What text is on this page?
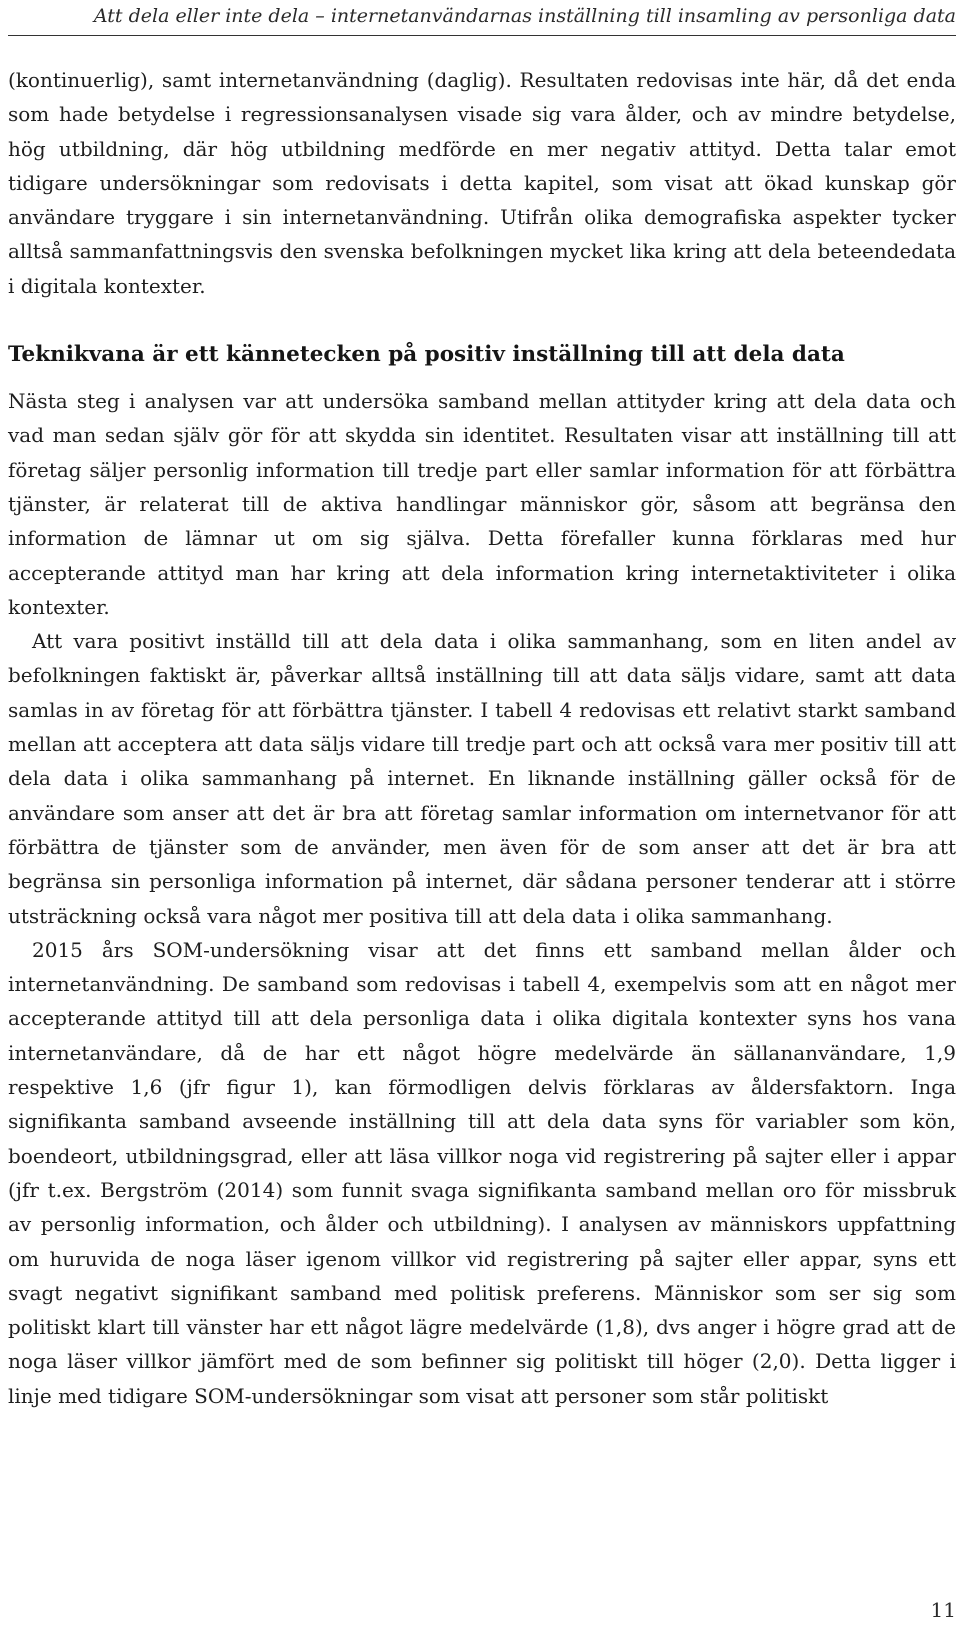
Att dela eller inte dela – internetanvändarnas inställning till insamling av personliga data

(kontinuerlig), samt internetanvändning (daglig). Resultaten redovisas inte här, då det enda som hade betydelse i regressionsanalysen visade sig vara ålder, och av mindre betydelse, hög utbildning, där hög utbildning medförde en mer negativ attityd. Detta talar emot tidigare undersökningar som redovisats i detta kapitel, som visat att ökad kunskap gör användare tryggare i sin internetanvändning. Utifrån olika demografiska aspekter tycker alltså sammanfattningsvis den svenska befolkningen mycket lika kring att dela beteendedata i digitala kontexter.

Teknikvana är ett kännetecken på positiv inställning till att dela data

Nästa steg i analysen var att undersöka samband mellan attityder kring att dela data och vad man sedan själv gör för att skydda sin identitet. Resultaten visar att inställning till att företag säljer personlig information till tredje part eller samlar information för att förbättra tjänster, är relaterat till de aktiva handlingar människor gör, såsom att begränsa den information de lämnar ut om sig själva. Detta förefaller kunna förklaras med hur accepterande attityd man har kring att dela information kring internetaktiviteter i olika kontexter.

Att vara positivt inställd till att dela data i olika sammanhang, som en liten andel av befolkningen faktiskt är, påverkar alltså inställning till att data säljs vidare, samt att data samlas in av företag för att förbättra tjänster. I tabell 4 redovisas ett relativt starkt samband mellan att acceptera att data säljs vidare till tredje part och att också vara mer positiv till att dela data i olika sammanhang på internet. En liknande inställning gäller också för de användare som anser att det är bra att företag samlar information om internetvanor för att förbättra de tjänster som de använder, men även för de som anser att det är bra att begränsa sin personliga information på internet, där sådana personer tenderar att i större utsträckning också vara något mer positiva till att dela data i olika sammanhang.

2015 års SOM-undersökning visar att det finns ett samband mellan ålder och internetanvändning. De samband som redovisas i tabell 4, exempelvis som att en något mer accepterande attityd till att dela personliga data i olika digitala kontexter syns hos vana internetanvändare, då de har ett något högre medelvärde än sällananvändare, 1,9 respektive 1,6 (jfr figur 1), kan förmodligen delvis förklaras av åldersfaktorn. Inga signifikanta samband avseende inställning till att dela data syns för variabler som kön, boendeort, utbildningsgrad, eller att läsa villkor noga vid registrering på sajter eller i appar (jfr t.ex. Bergström (2014) som funnit svaga signifikanta samband mellan oro för missbruk av personlig information, och ålder och utbildning). I analysen av människors uppfattning om huruvida de noga läser igenom villkor vid registrering på sajter eller appar, syns ett svagt negativt signifikant samband med politisk preferens. Människor som ser sig som politiskt klart till vänster har ett något lägre medelvärde (1,8), dvs anger i högre grad att de noga läser villkor jämfört med de som befinner sig politiskt till höger (2,0). Detta ligger i linje med tidigare SOM-undersökningar som visat att personer som står politiskt

11
